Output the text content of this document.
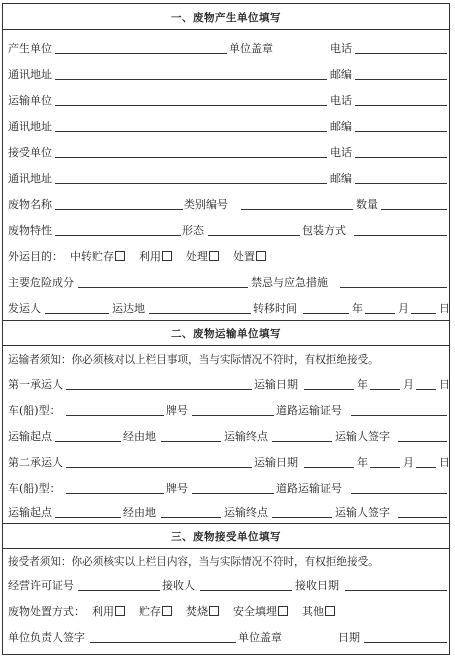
一、废物产生单位填写
产生单位	单位盖章	电话
通讯地址	邮编
运输单位	电话
通讯地址	邮编
接受单位	电话
通讯地址	邮编
废物名称	类别编号	数量
废物特性	形态	包装方式
外运目的： 中转贮存 利用 处理 处置
主要危险成分	禁忌与应急措施
发运人	运达地	转移时间	年	月	日
二、废物运输单位填写
运输者须知：你必须核对以上栏目事项，当与实际情况不符时，有权拒绝接受。
第一承运人	运输日期	年	月 日
车(船)型：	牌号	道路运输证号
运输起点	经由地	运输终点	运输人签字
第二承运人	运输日期	年	月 日
车(船)型：	牌号	道路运输证号
运输起点	经由地	运输终点	运输人签字
三、废物接受单位填写
接受者须知：你必须核实以上栏目内容，当与实际情况不符时，有权拒绝接受。
经营许可证号	接收人	接收日期
废物处置方式： 利用 贮存 焚烧 安全填埋 其他
单位负责人签字	单位盖章	日期
